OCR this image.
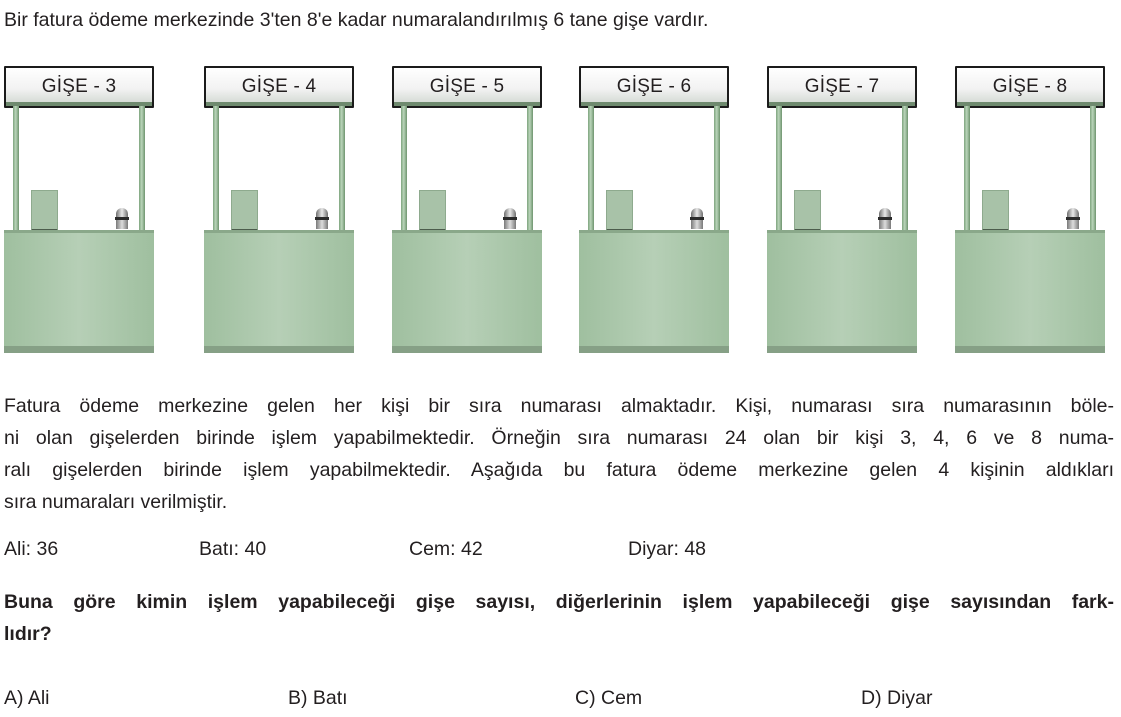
Bir fatura ödeme merkezinde 3'ten 8'e kadar numaralandırılmış 6 tane gişe vardır.
GİŞE - 3	GİŞE - 4	GİŞE - 5	GİŞE - 6	GİŞE - 7	GİŞE - 8
Fatura ödeme merkezine gelen her kişi bir sıra numarası almaktadır. Kişi, numarası sıra numarasının böle-
ni olan gişelerden birinde işlem yapabilmektedir. Örneğin sıra numarası 24 olan bir kişi 3, 4, 6 ve 8 numa-
ralı gişelerden birinde işlem yapabilmektedir. Aşağıda bu fatura ödeme merkezine gelen 4 kişinin aldıkları
sıra numaraları verilmiştir.
Ali: 36	Batı: 40	Cem: 42	Diyar: 48
Buna göre kimin işlem yapabileceği gişe sayısı, diğerlerinin işlem yapabileceği gişe sayısından fark-
lıdır?
A) Ali	B) Batı	C) Cem	D) Diyar
